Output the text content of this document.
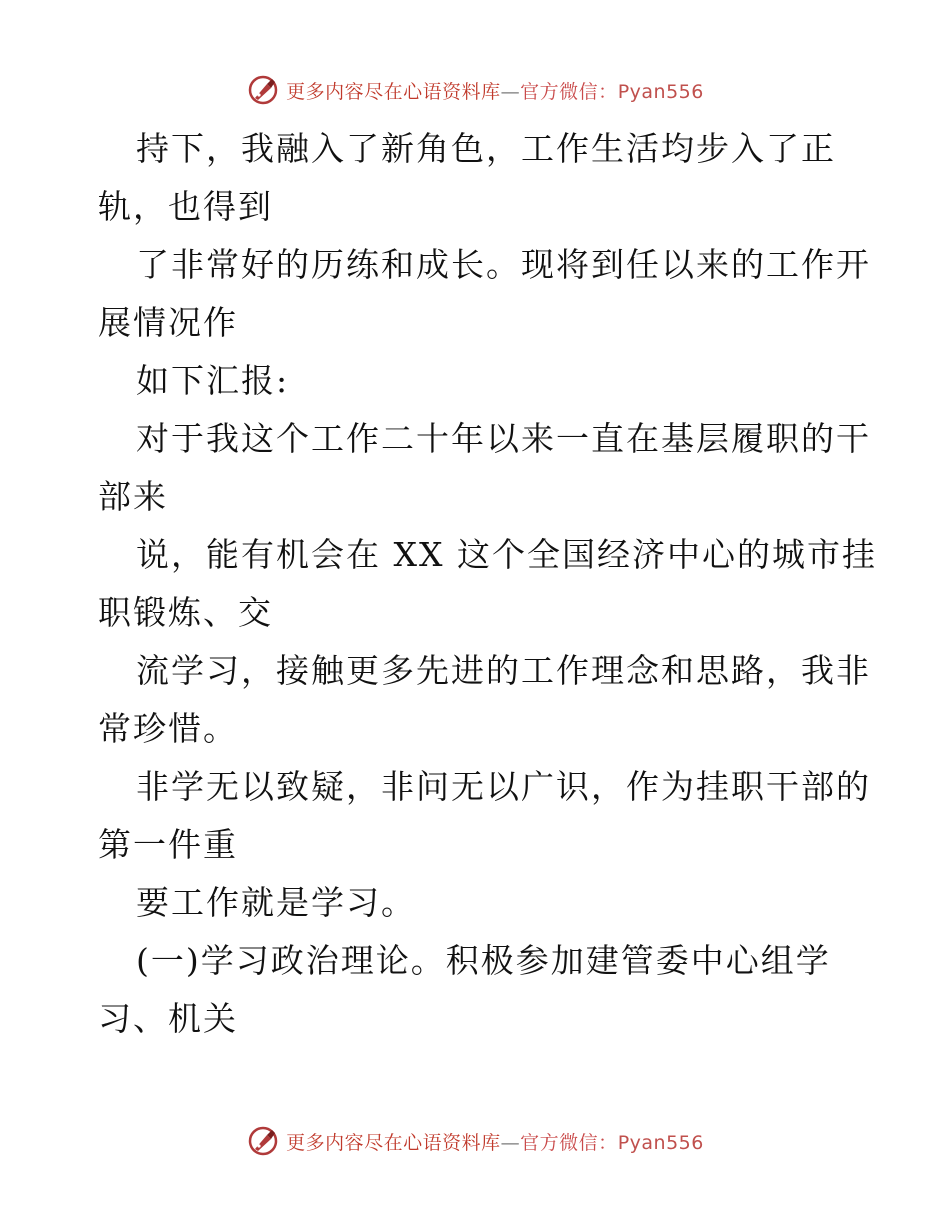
更多内容尽在心语资料库—官方微信：Pyan556
持下，我融入了新角色，工作生活均步入了正
轨，也得到
了非常好的历练和成长。现将到任以来的工作开
展情况作
如下汇报:
对于我这个工作二十年以来一直在基层履职的干
部来
说，能有机会在 XX 这个全国经济中心的城市挂
职锻炼、交
流学习，接触更多先进的工作理念和思路，我非
常珍惜。
非学无以致疑，非问无以广识，作为挂职干部的
第一件重
要工作就是学习。
(一)学习政治理论。积极参加建管委中心组学
习、机关
更多内容尽在心语资料库—官方微信：Pyan556
